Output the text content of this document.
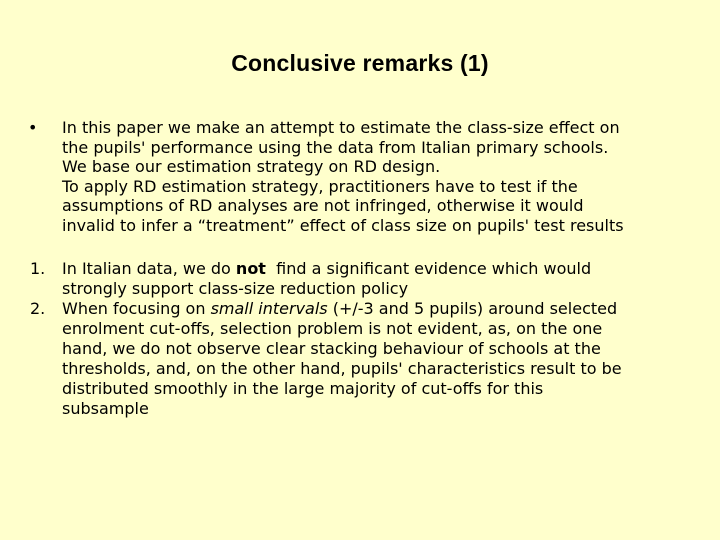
Conclusive remarks (1)
•	In this paper we make an attempt to estimate the class-size effect on
the pupils' performance using the data from Italian primary schools.
We base our estimation strategy on RD design.
To apply RD estimation strategy, practitioners have to test if the
assumptions of RD analyses are not infringed, otherwise it would
invalid to infer a “treatment” effect of class size on pupils' test results
1.	In Italian data, we do not  find a significant evidence which would
strongly support class-size reduction policy
2.	When focusing on small intervals (+/-3 and 5 pupils) around selected
enrolment cut-offs, selection problem is not evident, as, on the one
hand, we do not observe clear stacking behaviour of schools at the
thresholds, and, on the other hand, pupils' characteristics result to be
distributed smoothly in the large majority of cut-offs for this
subsample
